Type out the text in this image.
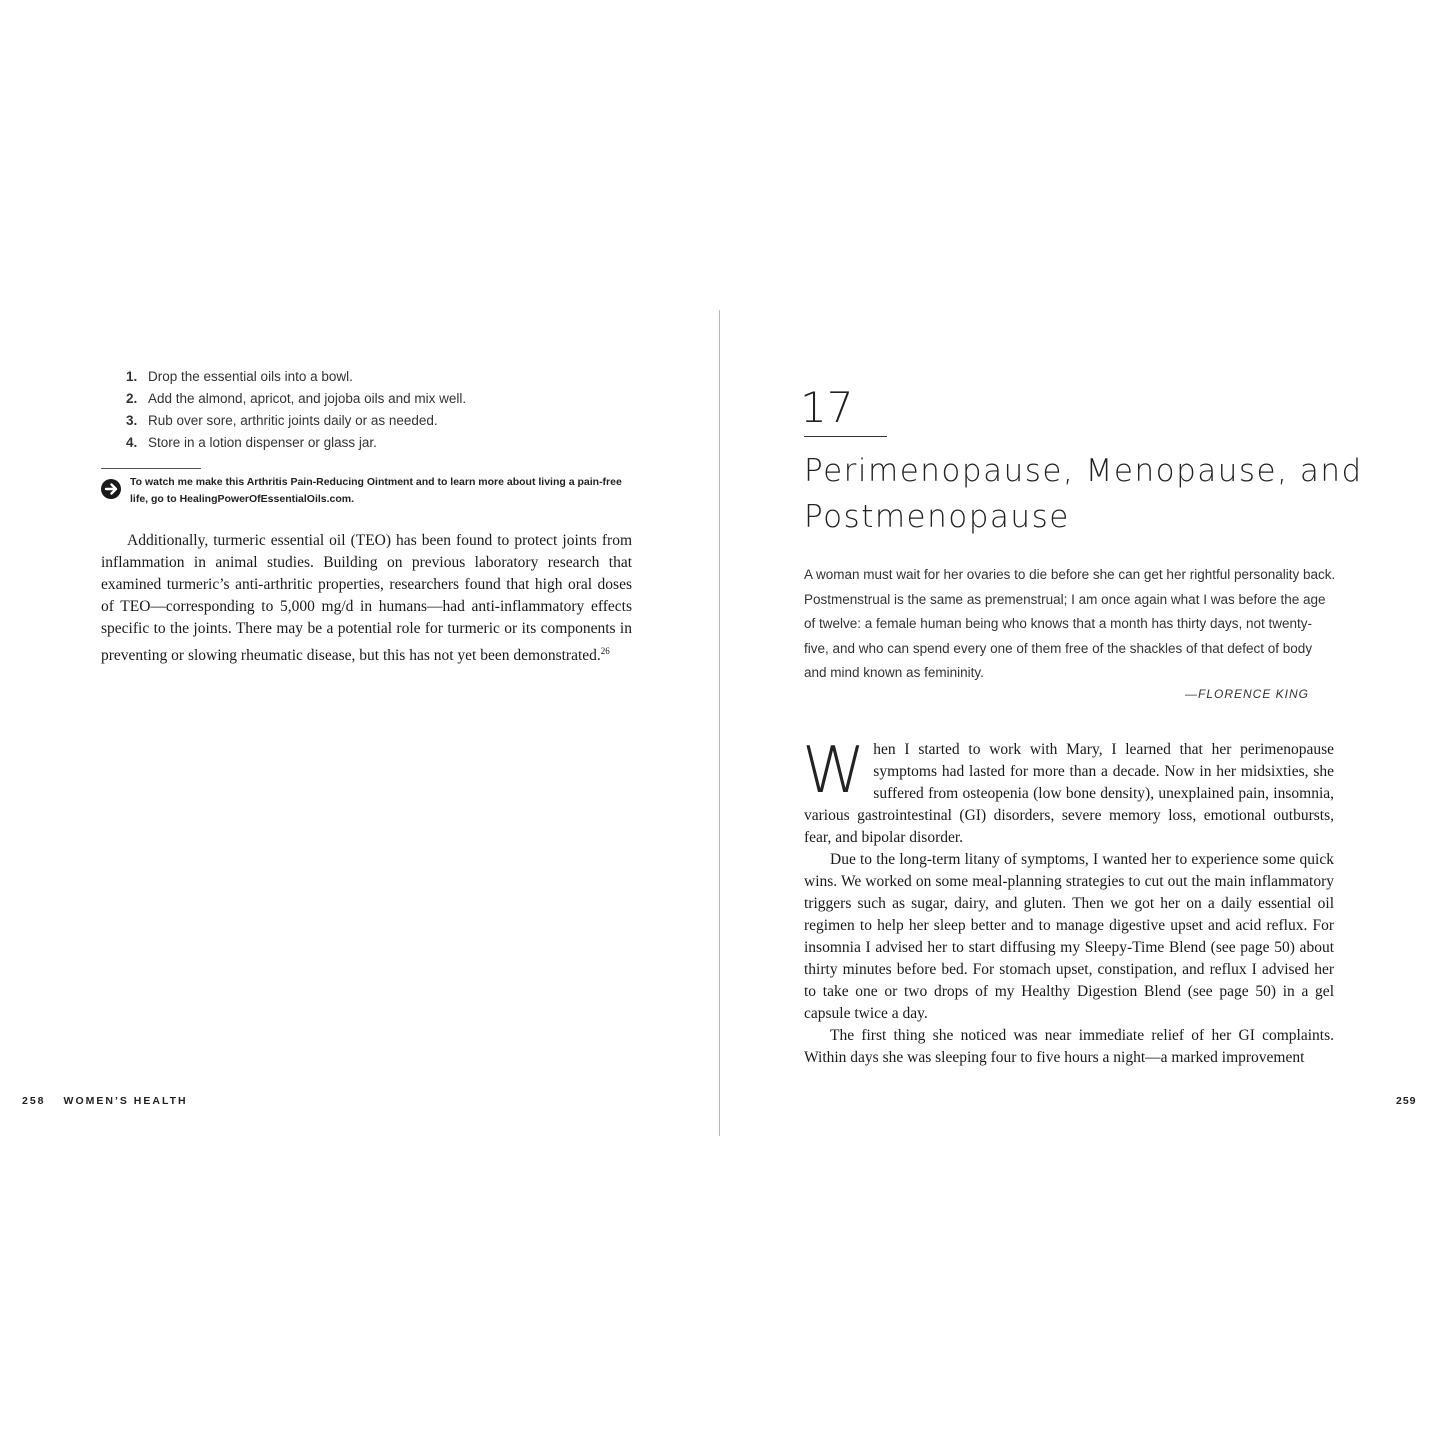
1. Drop the essential oils into a bowl.
2. Add the almond, apricot, and jojoba oils and mix well.
3. Rub over sore, arthritic joints daily or as needed.
4. Store in a lotion dispenser or glass jar.
To watch me make this Arthritis Pain-Reducing Ointment and to learn more about living a pain-free life, go to HealingPowerOfEssentialOils.com.

Additionally, turmeric essential oil (TEO) has been found to protect joints from inflammation in animal studies. Building on previous laboratory research that examined turmeric’s anti-arthritic properties, researchers found that high oral doses of TEO—corresponding to 5,000 mg/d in humans—had anti-inflammatory effects specific to the joints. There may be a potential role for turmeric or its components in preventing or slowing rheumatic disease, but this has not yet been demonstrated.$^{26}$

258 WOMEN’S HEALTH
17
Perimenopause, Menopause, and Postmenopause

A woman must wait for her ovaries to die before she can get her rightful personality back. Postmenstrual is the same as premenstrual; I am once again what I was before the age of twelve: a female human being who knows that a month has thirty days, not twenty-five, and who can spend every one of them free of the shackles of that defect of body and mind known as femininity.

—FLORENCE KING

When I started to work with Mary, I learned that her perimenopause symptoms had lasted for more than a decade. Now in her midsixties, she suffered from osteopenia (low bone density), unexplained pain, insomnia, various gastrointestinal (GI) disorders, severe memory loss, emotional outbursts, fear, and bipolar disorder.

Due to the long-term litany of symptoms, I wanted her to experience some quick wins. We worked on some meal-planning strategies to cut out the main inflammatory triggers such as sugar, dairy, and gluten. Then we got her on a daily essential oil regimen to help her sleep better and to manage digestive upset and acid reflux. For insomnia I advised her to start diffusing my Sleepy-Time Blend (see page 50) about thirty minutes before bed. For stomach upset, constipation, and reflux I advised her to take one or two drops of my Healthy Digestion Blend (see page 50) in a gel capsule twice a day.

The first thing she noticed was near immediate relief of her GI complaints. Within days she was sleeping four to five hours a night—a marked improvement

259
